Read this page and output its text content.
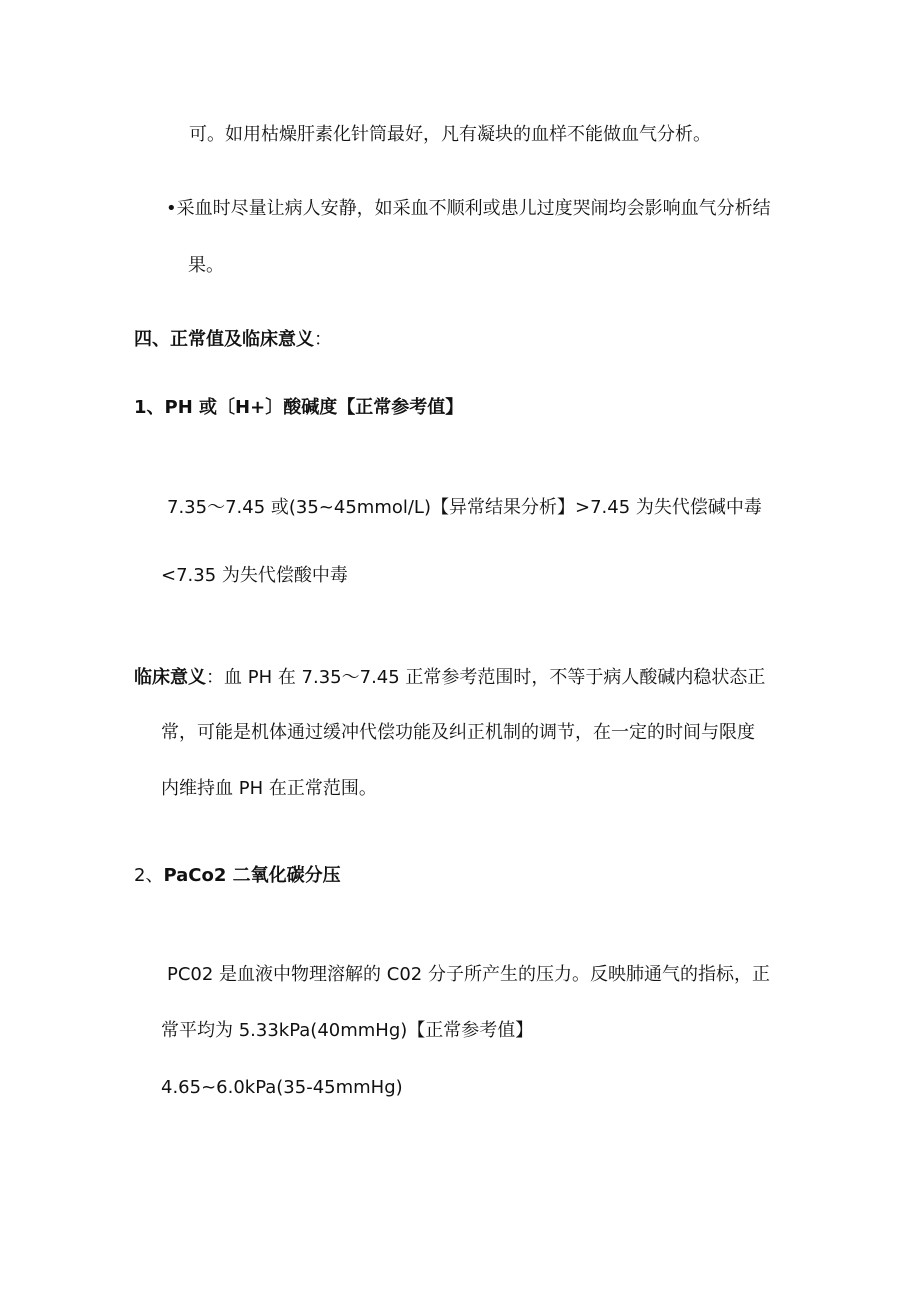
可。如用枯燥肝素化针筒最好，凡有凝块的血样不能做血气分析。
•采血时尽量让病人安静，如采血不顺利或患儿过度哭闹均会影响血气分析结
果。
四、正常值及临床意义：
1、PH 或〔H+〕酸碱度【正常参考值】
7.35～7.45 或(35~45mmol/L)【异常结果分析】>7.45 为失代偿碱中毒
<7.35 为失代偿酸中毒
临床意义：血 PH 在 7.35～7.45 正常参考范围时，不等于病人酸碱内稳状态正
常，可能是机体通过缓冲代偿功能及纠正机制的调节，在一定的时间与限度
内维持血 PH 在正常范围。
2、PaCo2 二氧化碳分压
PC02 是血液中物理溶解的 C02 分子所产生的压力。反映肺通气的指标，正
常平均为 5.33kPa(40mmHg)【正常参考值】
4.65~6.0kPa(35-45mmHg)
